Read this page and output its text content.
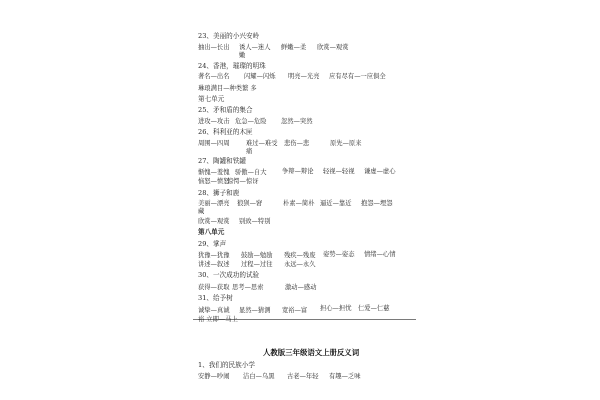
23、美丽的小兴安岭
抽出—长出 诱人—迷人 鲜嫩—柔 欣赏—观赏
嫩
24、香港，璀璨的明珠
著名—出名 闪耀—闪烁 明亮—光亮 应有尽有—一应俱全
琳琅满目—种类繁 多
第七单元
25、矛和盾的集合
进攻—攻击 危急—危险 忽然—突然
26、科利亚的木匣
周围—四周	难过—难受 悲伤—悲	原先—原来
痛
27、陶罐和铁罐
惭愧—羞愧	争辩—辩论 轻视—轻视 谦虚—虚心
骄傲—自大
恼怒—愤怒
惊愕—惊讶
28、狮子和鹿
美丽—漂亮 狼狈—窘	朴素—简朴 逼近—靠近 抱怨—埋怨
藏
欣赏—观赏 别致—特别
第八单元
29、掌声
犹豫—犹豫 鼓励—勉励 残疾—残废 姿势—姿态 情绪—心情
讲述—叙述 过程—过往 永远—永久
30、一次成功的试验
获得—获取 思考—思索	激动—感动
31、给予树
诚挚—真诚 显然—猜测 宽裕—富 担心—担忧 仁爱—仁慈
裕 立即—马上
人教版三年级语文上册反义词
1、我们的民族小学
安静—吵闹 洁白—乌黑 古老—年轻 有趣—乏味
